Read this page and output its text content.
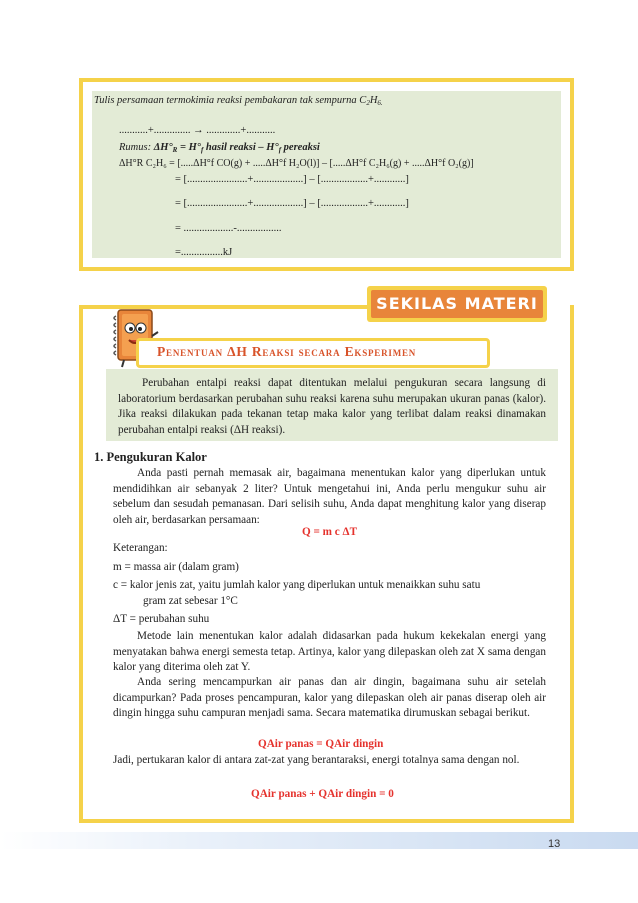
Tulis persamaan termokimia reaksi pembakaran tak sempurna $C_2H_{6.}$
...........+.............. → .............+...........
Rumus: $\Delta H^\circ_R = H^\circ_f$ hasil reaksi – $H^\circ_f$ pereaksi
ΔH°R C₂H₆ = [.....ΔH°f CO(g) + .....ΔH°f H₂O(l)] – [.....ΔH°f C₂H₆(g) + .....ΔH°f O₂(g)]
= [.......................+...................] – [..................+............]
= [.......................+...................] – [..................+............]
= ...................-.................
=................kJ
SEKILAS MATERI
Penentuan ΔH Reaksi secara Eksperimen
Perubahan entalpi reaksi dapat ditentukan melalui pengukuran secara langsung di laboratorium berdasarkan perubahan suhu reaksi karena suhu merupakan ukuran panas (kalor). Jika reaksi dilakukan pada tekanan tetap maka kalor yang terlibat dalam reaksi dinamakan perubahan entalpi reaksi (ΔH reaksi).
1. Pengukuran Kalor
Anda pasti pernah memasak air, bagaimana menentukan kalor yang diperlukan untuk mendidihkan air sebanyak 2 liter? Untuk mengetahui ini, Anda perlu mengukur suhu air sebelum dan sesudah pemanasan. Dari selisih suhu, Anda dapat menghitung kalor yang diserap oleh air, berdasarkan persamaan:
Q = m c ΔT
Keterangan:
m = massa air (dalam gram)
c = kalor jenis zat, yaitu jumlah kalor yang diperlukan untuk menaikkan suhu satu
gram zat sebesar 1°C
ΔT = perubahan suhu
Metode lain menentukan kalor adalah didasarkan pada hukum kekekalan energi yang menyatakan bahwa energi semesta tetap. Artinya, kalor yang dilepaskan oleh zat X sama dengan kalor yang diterima oleh zat Y.
Anda sering mencampurkan air panas dan air dingin, bagaimana suhu air setelah dicampurkan? Pada proses pencampuran, kalor yang dilepaskan oleh air panas diserap oleh air dingin hingga suhu campuran menjadi sama. Secara matematika dirumuskan sebagai berikut.
QAir panas = QAir dingin
Jadi, pertukaran kalor di antara zat-zat yang berantaraksi, energi totalnya sama dengan nol.
QAir panas + QAir dingin = 0
13
